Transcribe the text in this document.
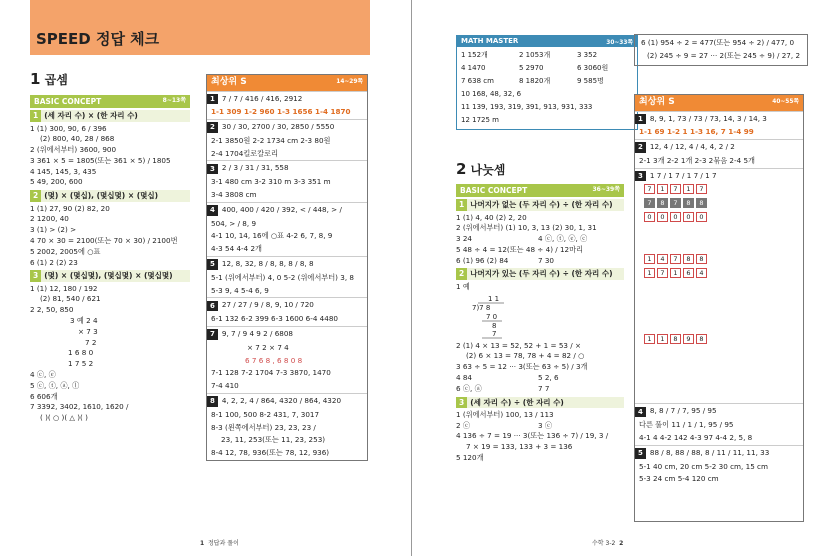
SPEED 정답 체크
1 곱셈
BASIC CONCEPT	8~13쪽
1 (세 자리 수) × (한 자리 수)
1 (1) 300, 90, 6 / 396
(2) 800, 40, 28 / 868
2 (위에서부터) 3600, 900
3 361 × 5 = 1805(또는 361 × 5) / 1805
4 145, 145, 3, 435
5 49, 200, 600
2 (몇) × (몇십), (몇십몇) × (몇십)
1 (1) 27, 90 (2) 82, 20
2 1200, 40
3 (1) > (2) >
4 70 × 30 = 2100(또는 70 × 30) / 2100번
5 2002, 2005에 ○표
6 (1) 2 (2) 23
3 (몇) × (몇십몇), (몇십몇) × (몇십몇)
1 (1) 12, 180 / 192
(2) 81, 540 / 621
2 2, 50, 850
3 예 2 4
× 7 3
7 2
1 6 8 0
1 7 5 2
4 ⓒ, ⓔ
5 ⓒ, ⓣ, ⓐ, ⓛ
6 606개
7 3392, 3402, 1610, 1620 /
( )( ○ )( △ )( )
최상위 S	14~29쪽
1 7 / 7 / 416 / 416, 2912
1-1 309 1-2 960 1-3 1656 1-4 1870
2 30 / 30, 2700 / 30, 2850 / 5550
2-1 3850원 2-2 1734 cm 2-3 80원
2-4 1704킬로칼로리
3 2 / 3 / 31 / 31, 558
3-1 480 cm 3-2 310 m 3-3 351 m
3-4 3808 cm
4 400, 400 / 420 / 392, < / 448, > /
504, > / 8, 9
4-1 10, 14, 16에 ○표 4-2 6, 7, 8, 9
4-3 54 4-4 2개
5 12, 8, 32, 8 / 8, 8, 8 / 8, 8
5-1 (위에서부터) 4, 0 5-2 (위에서부터) 3, 8
5-3 9, 4 5-4 6, 9
6 27 / 27 / 9 / 8, 9, 10 / 720
6-1 132 6-2 399 6-3 1600 6-4 4480
7 9, 7 / 9 4 9 2 / 6808
× 7 2 × 7 4
6 7 6 8 , 6 8 0 8
7-1 128 7-2 1704 7-3 3870, 1470
7-4 410
8 4, 2, 2, 4 / 864, 4320 / 864, 4320
8-1 100, 500 8-2 431, 7, 3017
8-3 (왼쪽에서부터) 23, 23, 23 /
23, 11, 253(또는 11, 23, 253)
8-4 12, 78, 936(또는 78, 12, 936)
1 정답과 풀이
MATH MASTER	30~33쪽
1 152개	2 1053개	3 352
4 1470	5 2970	6 3060원
7 638 cm	8 1820개	9 585명
10 168, 48, 32, 6
11 139, 193, 319, 391, 913, 931, 333
12 1725 m
6 (1) 954 ÷ 2 = 477(또는 954 ÷ 2) / 477, 0
(2) 245 ÷ 9 = 27 ··· 2(또는 245 ÷ 9) / 27, 2
2 나눗셈
BASIC CONCEPT	36~39쪽
1 나머지가 없는 (두 자리 수) ÷ (한 자리 수)
1 (1) 4, 40 (2) 2, 20
2 (위에서부터) (1) 10, 3, 13 (2) 30, 1, 31
3 24	4 ⓒ, ⓣ, ⓔ, ⓒ
5 48 ÷ 4 = 12(또는 48 ÷ 4) / 12마리
6 (1) 96 (2) 84	7 30
2 나머지가 있는 (두 자리 수) ÷ (한 자리 수)
1 예
1 1
7)7 8
7 0
8
7
2 (1) 4 × 13 = 52, 52 + 1 = 53 / ×
(2) 6 × 13 = 78, 78 + 4 = 82 / ○
3 63 ÷ 5 = 12 ··· 3(또는 63 ÷ 5) / 3개
4 84	5 2, 6
6 ⓒ, ⓐ	7 7
3 (세 자리 수) ÷ (한 자리 수)
1 (위에서부터) 100, 13 / 113
2 ⓒ	3 ⓒ
4 136 ÷ 7 = 19 ··· 3(또는 136 ÷ 7) / 19, 3 /
7 × 19 = 133, 133 + 3 = 136
5 120개
최상위 S	40~55쪽
1 8, 9, 1, 73 / 73 / 73, 14, 3 / 14, 3
1-1 69 1-2 1 1-3 16, 7 1-4 99
2 12, 4 / 12, 4 / 4, 4, 2 / 2
2-1 3개 2-2 1개 2-3 2묶음 2-4 5개
3 1 7 / 1 7 / 1 7 / 1 7
7 1 7 1 7
7 8 7 8 8
0 0 0 0 0
1 4 7 8 8
1 7 1 6 4
1 1 8 9 8
4 8, 8 / 7 / 7, 95 / 95
다른 풀이 11 / 1 / 1, 95 / 95
4-1 4 4-2 142 4-3 97 4-4 2, 5, 8
5 88 / 8, 88 / 88, 8 / 11 / 11, 11, 33
5-1 40 cm, 20 cm 5-2 30 cm, 15 cm
5-3 24 cm 5-4 120 cm
수학 3-2 2
